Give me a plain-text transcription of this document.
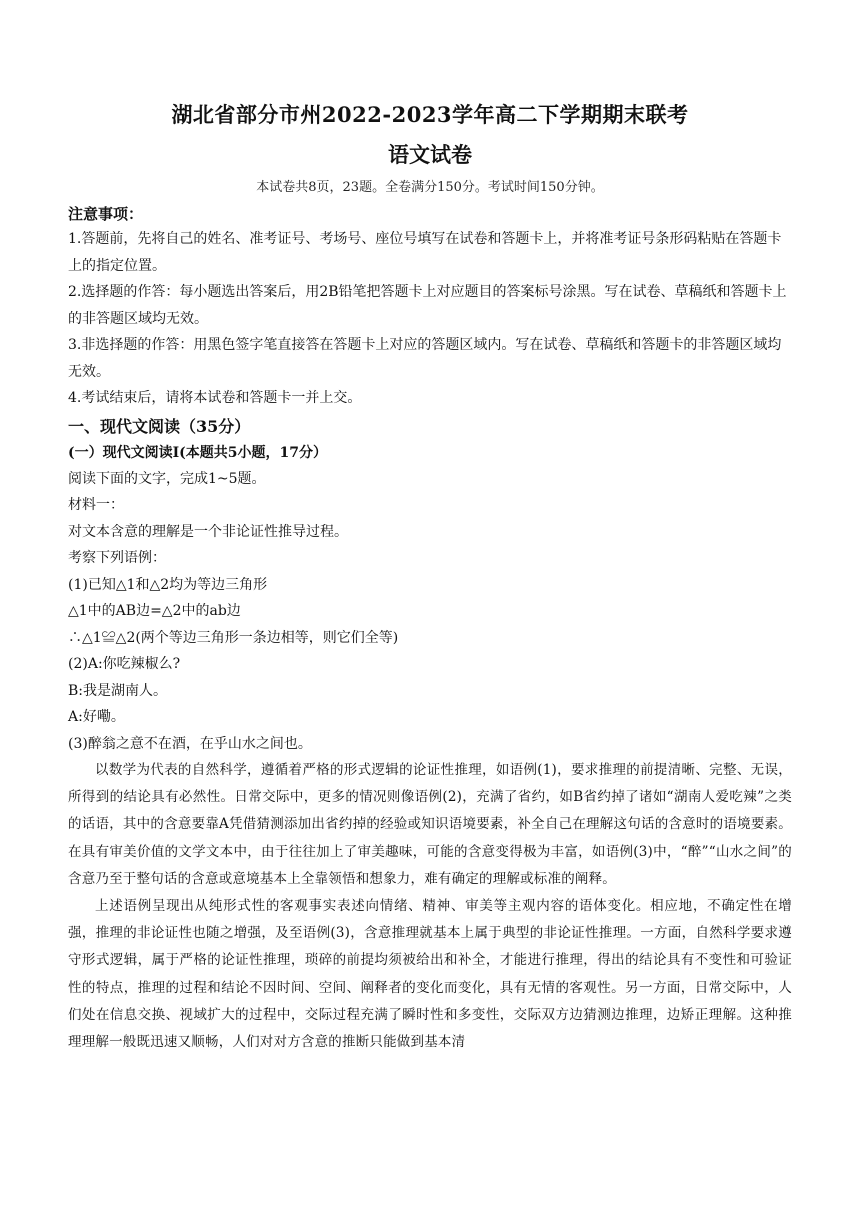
湖北省部分市州2022-2023学年高二下学期期末联考
语文试卷
本试卷共8页，23题。全卷满分150分。考试时间150分钟。
注意事项：

1.答题前，先将自己的姓名、准考证号、考场号、座位号填写在试卷和答题卡上，并将准考证号条形码粘贴在答题卡上的指定位置。

2.选择题的作答：每小题选出答案后，用2B铅笔把答题卡上对应题目的答案标号涂黑。写在试卷、草稿纸和答题卡上的非答题区域均无效。

3.非选择题的作答：用黑色签字笔直接答在答题卡上对应的答题区域内。写在试卷、草稿纸和答题卡的非答题区域均无效。

4.考试结束后，请将本试卷和答题卡一并上交。

一、现代文阅读（35分）
(一）现代文阅读I(本题共5小题，17分）

阅读下面的文字，完成1~5题。

材料一：

对文本含意的理解是一个非论证性推导过程。

考察下列语例：

(1)已知△1和△2均为等边三角形

△1中的AB边=△2中的ab边

∴△1≌△2(两个等边三角形一条边相等，则它们全等)

(2)A:你吃辣椒么?

B:我是湖南人。

A:好嘞。

(3)醉翁之意不在酒，在乎山水之间也。

以数学为代表的自然科学，遵循着严格的形式逻辑的论证性推理，如语例(1)，要求推理的前提清晰、完整、无误，所得到的结论具有必然性。日常交际中，更多的情况则像语例(2)，充满了省约，如B省约掉了诸如“湖南人爱吃辣”之类的话语，其中的含意要靠A凭借猜测添加出省约掉的经验或知识语境要素，补全自己在理解这句话的含意时的语境要素。在具有审美价值的文学文本中，由于往往加上了审美趣味，可能的含意变得极为丰富，如语例(3)中，“醉”“山水之间”的含意乃至于整句话的含意或意境基本上全靠领悟和想象力，难有确定的理解或标准的阐释。

上述语例呈现出从纯形式性的客观事实表述向情绪、精神、审美等主观内容的语体变化。相应地，不确定性在增强，推理的非论证性也随之增强，及至语例(3)，含意推理就基本上属于典型的非论证性推理。一方面，自然科学要求遵守形式逻辑，属于严格的论证性推理，琐碎的前提均须被给出和补全，才能进行推理，得出的结论具有不变性和可验证性的特点，推理的过程和结论不因时间、空间、阐释者的变化而变化，具有无情的客观性。另一方面，日常交际中，人们处在信息交换、视域扩大的过程中，交际过程充满了瞬时性和多变性，交际双方边猜测边推理，边矫正理解。这种推理理解一般既迅速又顺畅，人们对对方含意的推断只能做到基本清
